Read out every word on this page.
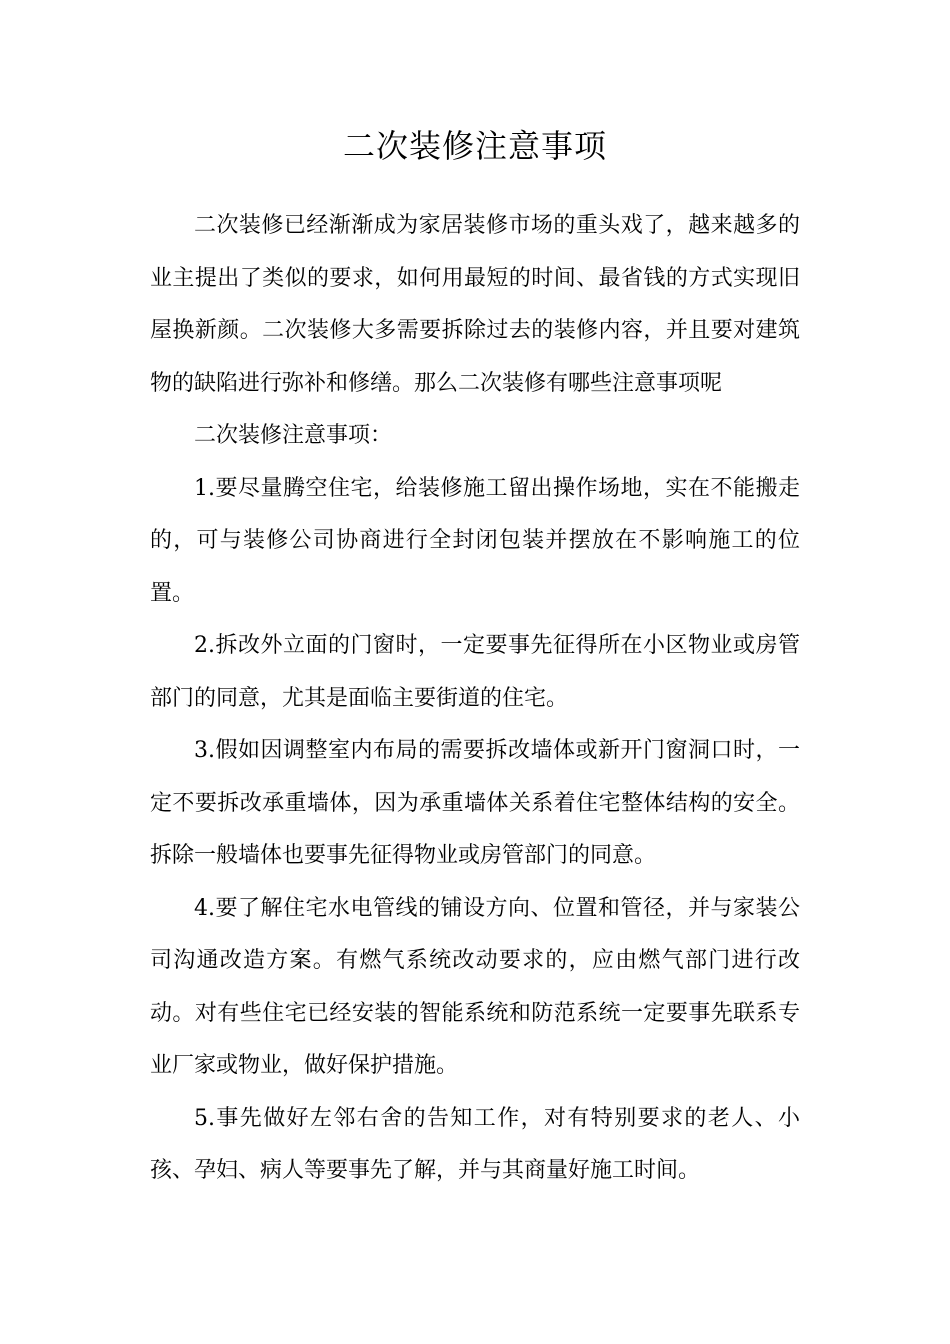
二次装修注意事项

二次装修已经渐渐成为家居装修市场的重头戏了，越来越多的业主提出了类似的要求，如何用最短的时间、最省钱的方式实现旧屋换新颜。二次装修大多需要拆除过去的装修内容，并且要对建筑物的缺陷进行弥补和修缮。那么二次装修有哪些注意事项呢

二次装修注意事项：

1.要尽量腾空住宅，给装修施工留出操作场地，实在不能搬走的，可与装修公司协商进行全封闭包装并摆放在不影响施工的位置。

2.拆改外立面的门窗时，一定要事先征得所在小区物业或房管部门的同意，尤其是面临主要街道的住宅。

3.假如因调整室内布局的需要拆改墙体或新开门窗洞口时，一定不要拆改承重墙体，因为承重墙体关系着住宅整体结构的安全。拆除一般墙体也要事先征得物业或房管部门的同意。

4.要了解住宅水电管线的铺设方向、位置和管径，并与家装公司沟通改造方案。有燃气系统改动要求的，应由燃气部门进行改动。对有些住宅已经安装的智能系统和防范系统一定要事先联系专业厂家或物业，做好保护措施。

5.事先做好左邻右舍的告知工作，对有特别要求的老人、小孩、孕妇、病人等要事先了解，并与其商量好施工时间。
